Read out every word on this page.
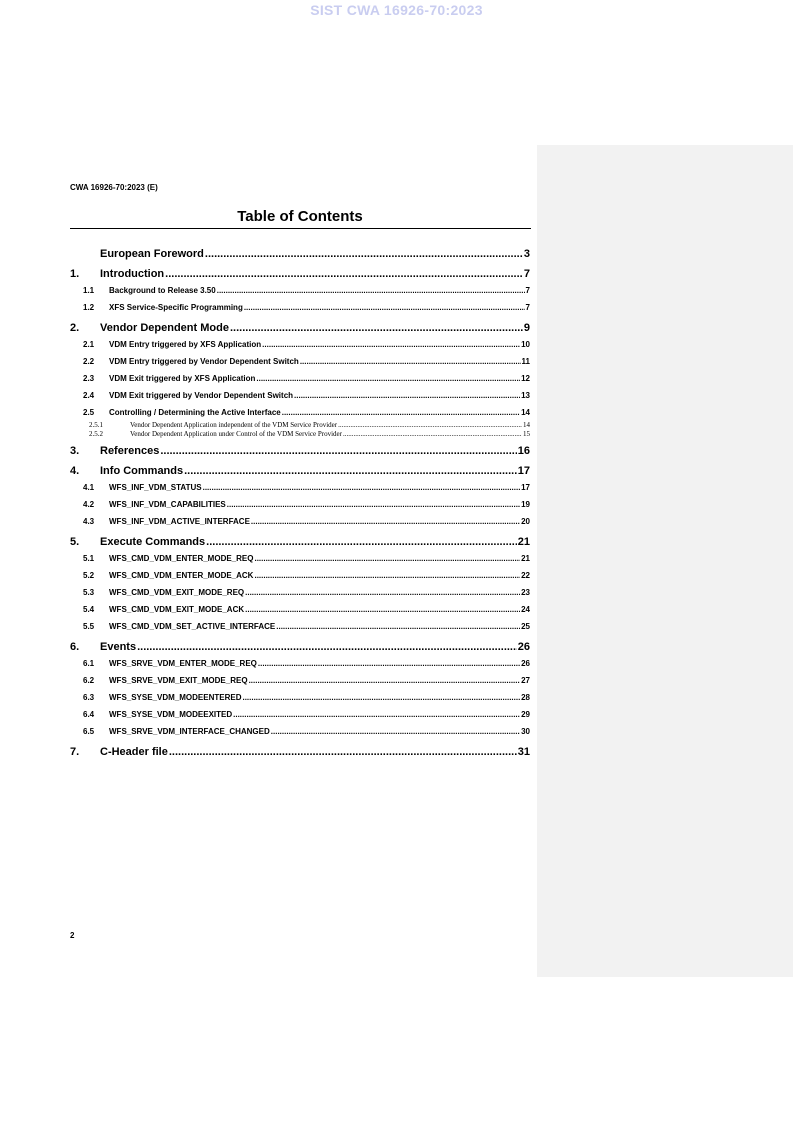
SIST CWA 16926-70:2023
CWA 16926-70:2023 (E)
Table of Contents
European Foreword .....	3
1.	Introduction .....	7
1.1	Background to Release 3.50 .....	7
1.2	XFS Service-Specific Programming .....	7
2.	Vendor Dependent Mode .....	9
2.1	VDM Entry triggered by XFS Application .....	10
2.2	VDM Entry triggered by Vendor Dependent Switch .....	11
2.3	VDM Exit triggered by XFS Application .....	12
2.4	VDM Exit triggered by Vendor Dependent Switch .....	13
2.5	Controlling / Determining the Active Interface .....	14
2.5.1	Vendor Dependent Application independent of the VDM Service Provider .....	14
2.5.2	Vendor Dependent Application under Control of the VDM Service Provider .....	15
3.	References .....	16
4.	Info Commands .....	17
4.1	WFS_INF_VDM_STATUS .....	17
4.2	WFS_INF_VDM_CAPABILITIES .....	19
4.3	WFS_INF_VDM_ACTIVE_INTERFACE .....	20
5.	Execute Commands .....	21
5.1	WFS_CMD_VDM_ENTER_MODE_REQ .....	21
5.2	WFS_CMD_VDM_ENTER_MODE_ACK .....	22
5.3	WFS_CMD_VDM_EXIT_MODE_REQ .....	23
5.4	WFS_CMD_VDM_EXIT_MODE_ACK .....	24
5.5	WFS_CMD_VDM_SET_ACTIVE_INTERFACE .....	25
6.	Events .....	26
6.1	WFS_SRVE_VDM_ENTER_MODE_REQ .....	26
6.2	WFS_SRVE_VDM_EXIT_MODE_REQ .....	27
6.3	WFS_SYSE_VDM_MODEENTERED .....	28
6.4	WFS_SYSE_VDM_MODEEXITED .....	29
6.5	WFS_SRVE_VDM_INTERFACE_CHANGED .....	30
7.	C-Header file .....	31
2
